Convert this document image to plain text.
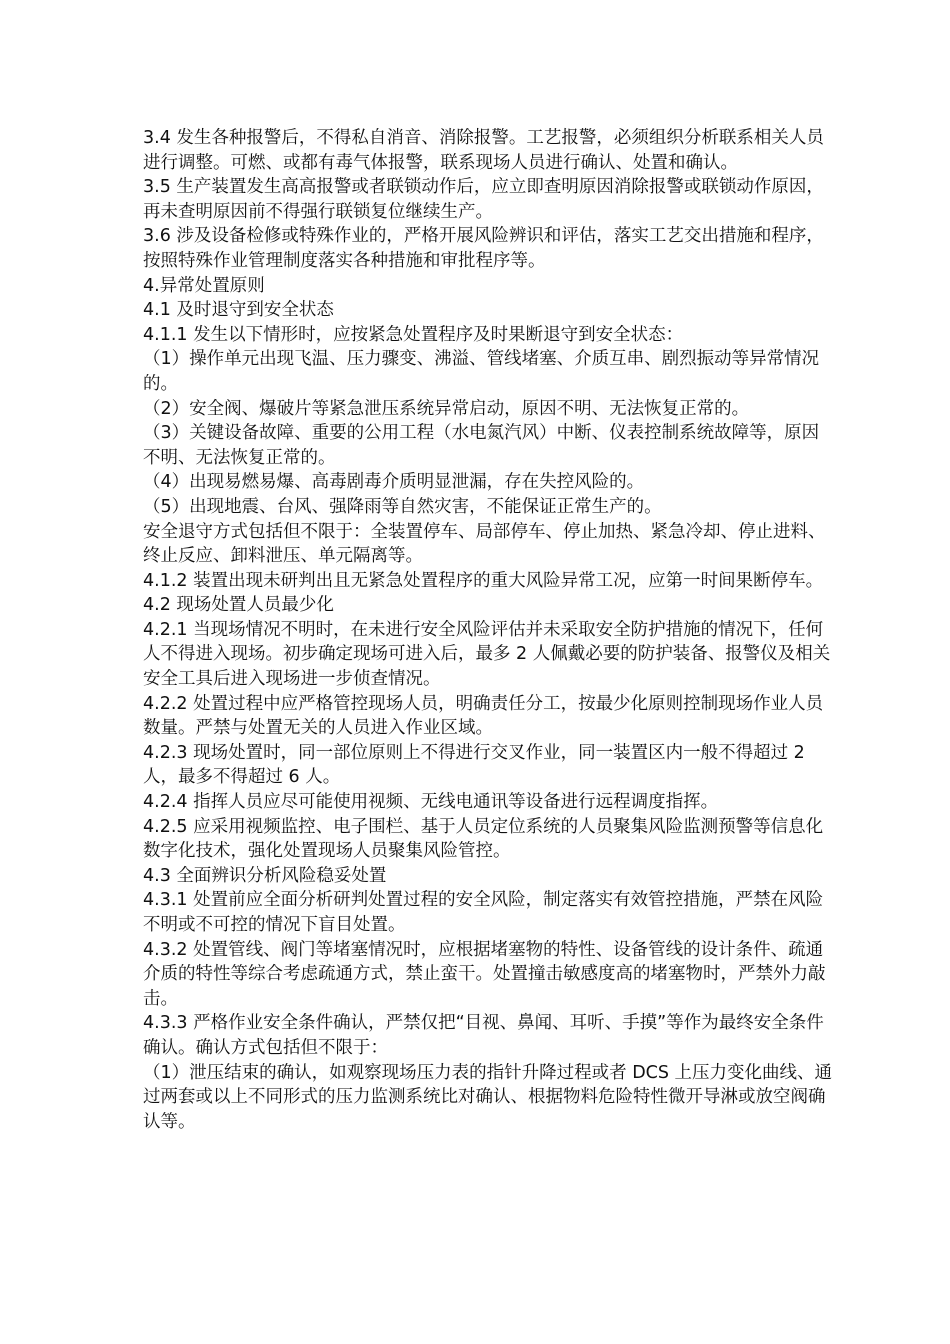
3.4 发生各种报警后，不得私自消音、消除报警。工艺报警，必须组织分析联系相关人员进行调整。可燃、或都有毒气体报警，联系现场人员进行确认、处置和确认。

3.5 生产装置发生高高报警或者联锁动作后，应立即查明原因消除报警或联锁动作原因，再未查明原因前不得强行联锁复位继续生产。

3.6 涉及设备检修或特殊作业的，严格开展风险辨识和评估，落实工艺交出措施和程序，按照特殊作业管理制度落实各种措施和审批程序等。

4.异常处置原则

4.1 及时退守到安全状态

4.1.1 发生以下情形时，应按紧急处置程序及时果断退守到安全状态：

（1）操作单元出现飞温、压力骤变、沸溢、管线堵塞、介质互串、剧烈振动等异常情况的。

（2）安全阀、爆破片等紧急泄压系统异常启动，原因不明、无法恢复正常的。

（3）关键设备故障、重要的公用工程（水电氮汽风）中断、仪表控制系统故障等，原因不明、无法恢复正常的。

（4）出现易燃易爆、高毒剧毒介质明显泄漏，存在失控风险的。

（5）出现地震、台风、强降雨等自然灾害，不能保证正常生产的。

安全退守方式包括但不限于：全装置停车、局部停车、停止加热、紧急冷却、停止进料、终止反应、卸料泄压、单元隔离等。

4.1.2 装置出现未研判出且无紧急处置程序的重大风险异常工况，应第一时间果断停车。

4.2 现场处置人员最少化

4.2.1 当现场情况不明时，在未进行安全风险评估并未采取安全防护措施的情况下，任何人不得进入现场。初步确定现场可进入后，最多 2 人佩戴必要的防护装备、报警仪及相关安全工具后进入现场进一步侦查情况。

4.2.2 处置过程中应严格管控现场人员，明确责任分工，按最少化原则控制现场作业人员数量。严禁与处置无关的人员进入作业区域。

4.2.3 现场处置时，同一部位原则上不得进行交叉作业，同一装置区内一般不得超过 2 人，最多不得超过 6 人。

4.2.4 指挥人员应尽可能使用视频、无线电通讯等设备进行远程调度指挥。

4.2.5 应采用视频监控、电子围栏、基于人员定位系统的人员聚集风险监测预警等信息化数字化技术，强化处置现场人员聚集风险管控。

4.3 全面辨识分析风险稳妥处置

4.3.1 处置前应全面分析研判处置过程的安全风险，制定落实有效管控措施，严禁在风险不明或不可控的情况下盲目处置。

4.3.2 处置管线、阀门等堵塞情况时，应根据堵塞物的特性、设备管线的设计条件、疏通介质的特性等综合考虑疏通方式，禁止蛮干。处置撞击敏感度高的堵塞物时，严禁外力敲击。

4.3.3 严格作业安全条件确认，严禁仅把“目视、鼻闻、耳听、手摸”等作为最终安全条件确认。确认方式包括但不限于：

（1）泄压结束的确认，如观察现场压力表的指针升降过程或者 DCS 上压力变化曲线、通过两套或以上不同形式的压力监测系统比对确认、根据物料危险特性微开导淋或放空阀确认等。
